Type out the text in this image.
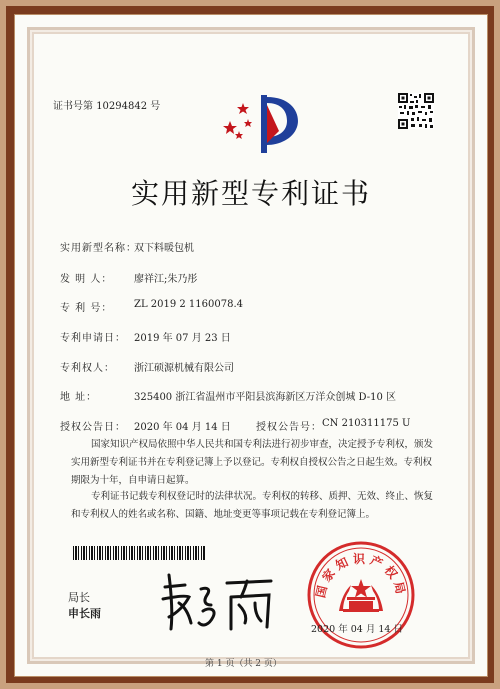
证书号第 10294842 号
实用新型专利证书
实用新型名称：
双下料暖包机
发 明 人： 廖祥江;朱乃彤
专 利 号： ZL 2019 2 1160078.4
专利申请日： 2019 年 07 月 23 日
专利权人： 浙江硕源机械有限公司
地 址：	325400 浙江省温州市平阳县滨海新区万洋众创城 D-10 区
授权公告日： 2020 年 04 月 14 日	授权公告号： CN 210311175 U
国家知识产权局依照中华人民共和国专利法进行初步审查，决定授予专利权，颁发实用新型专利证书并在专利登记簿上予以登记。专利权自授权公告之日起生效。专利权期限为十年，自申请日起算。
专利证书记载专利权登记时的法律状况。专利权的转移、质押、无效、终止、恢复和专利权人的姓名或名称、国籍、地址变更等事项记载在专利登记簿上。
局长
申长雨
国家知识产权局
2020 年 04 月 14 日
第 1 页（共 2 页）
